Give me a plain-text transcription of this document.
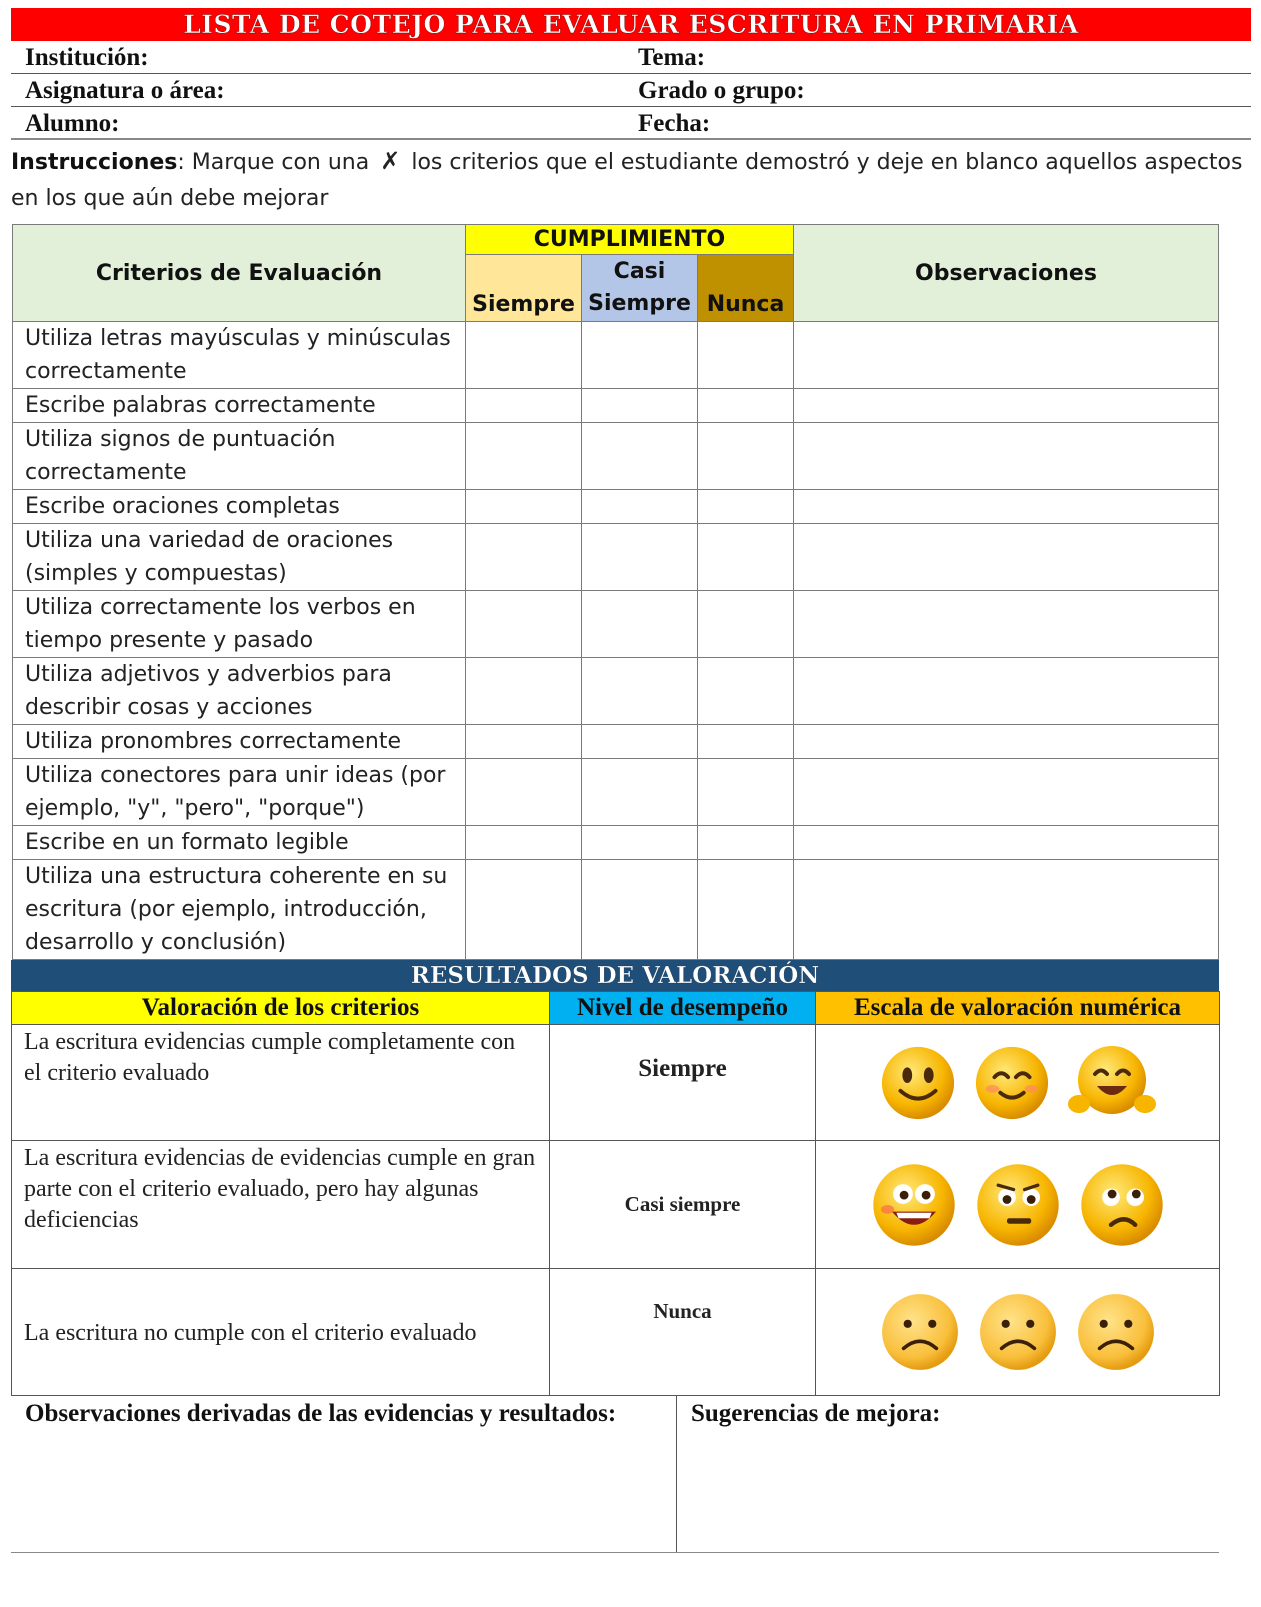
LISTA DE COTEJO PARA EVALUAR ESCRITURA EN PRIMARIA
Institución:	Tema:
Asignatura o área:	Grado o grupo:
Alumno:	Fecha:
Instrucciones: Marque con una ✗ los criterios que el estudiante demostró y deje en blanco aquellos aspectos en los que aún debe mejorar
Criterios de Evaluación	CUMPLIMIENTO			Observaciones
	Siempre	Casi Siempre	Nunca	
Utiliza letras mayúsculas y minúsculas correctamente				
Escribe palabras correctamente				
Utiliza signos de puntuación correctamente				
Escribe oraciones completas				
Utiliza una variedad de oraciones (simples y compuestas)				
Utiliza correctamente los verbos en tiempo presente y pasado				
Utiliza adjetivos y adverbios para describir cosas y acciones				
Utiliza pronombres correctamente				
Utiliza conectores para unir ideas (por ejemplo, "y", "pero", "porque")				
Escribe en un formato legible				
Utiliza una estructura coherente en su escritura (por ejemplo, introducción, desarrollo y conclusión)				
RESULTADOS DE VALORACIÓN
Valoración de los criterios	Nivel de desempeño	Escala de valoración numérica
La escritura evidencias cumple completamente con el criterio evaluado	Siempre	
La escritura evidencias de evidencias cumple en gran parte con el criterio evaluado, pero hay algunas deficiencias	Casi siempre	
La escritura no cumple con el criterio evaluado	Nunca	
Observaciones derivadas de las evidencias y resultados:	Sugerencias de mejora:
